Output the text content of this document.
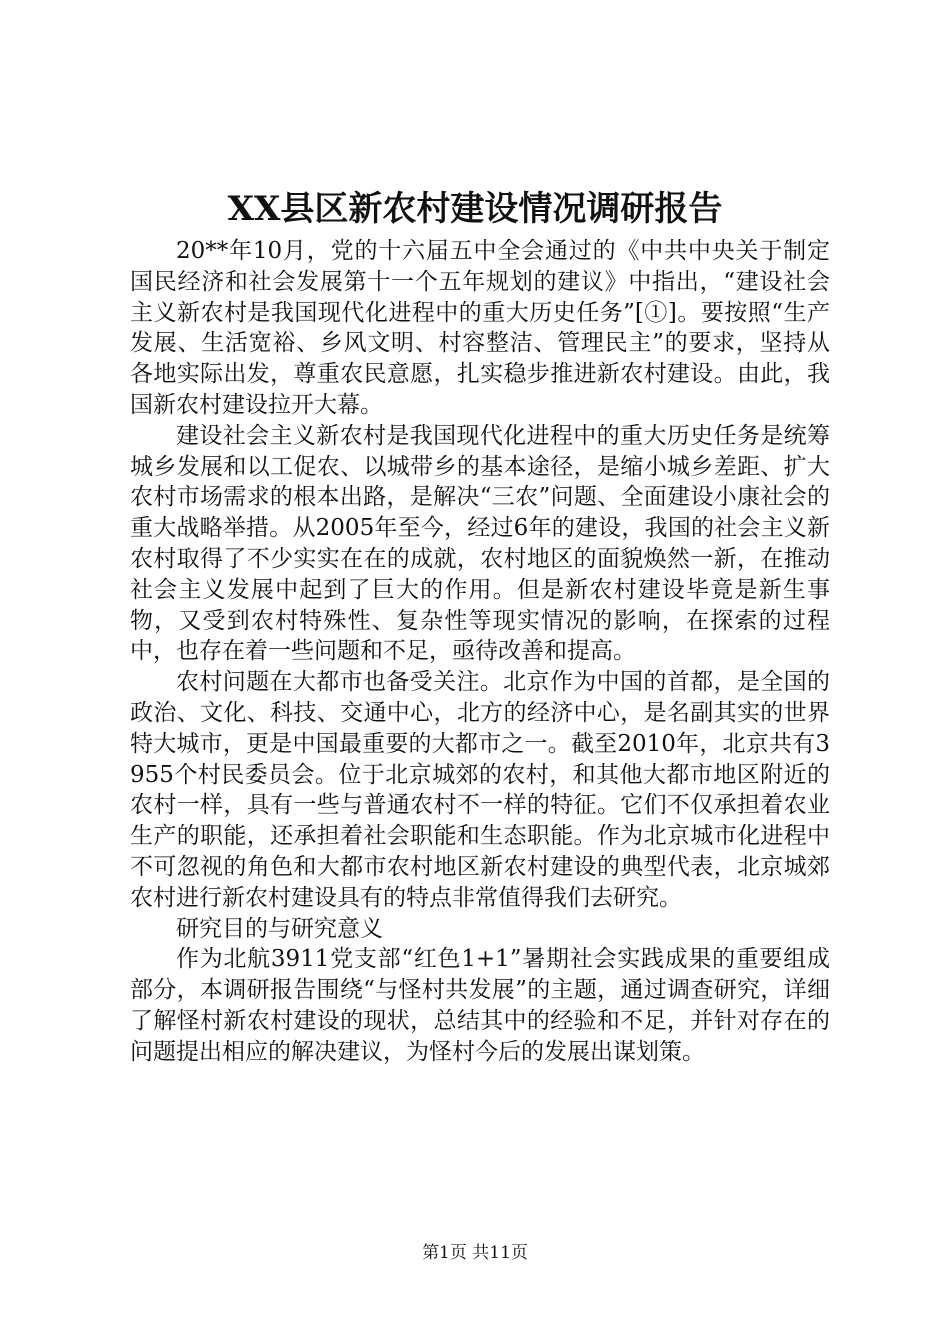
XX县区新农村建设情况调研报告

20**年10月，党的十六届五中全会通过的《中共中央关于制定国民经济和社会发展第十一个五年规划的建议》中指出，“建设社会主义新农村是我国现代化进程中的重大历史任务”[①]。要按照“生产发展、生活宽裕、乡风文明、村容整洁、管理民主”的要求，坚持从各地实际出发，尊重农民意愿，扎实稳步推进新农村建设。由此，我国新农村建设拉开大幕。

建设社会主义新农村是我国现代化进程中的重大历史任务是统筹城乡发展和以工促农、以城带乡的基本途径，是缩小城乡差距、扩大农村市场需求的根本出路，是解决“三农”问题、全面建设小康社会的重大战略举措。从2005年至今，经过6年的建设，我国的社会主义新农村取得了不少实实在在的成就，农村地区的面貌焕然一新，在推动社会主义发展中起到了巨大的作用。但是新农村建设毕竟是新生事物，又受到农村特殊性、复杂性等现实情况的影响，在探索的过程中，也存在着一些问题和不足，亟待改善和提高。

农村问题在大都市也备受关注。北京作为中国的首都，是全国的政治、文化、科技、交通中心，北方的经济中心，是名副其实的世界特大城市，更是中国最重要的大都市之一。截至2010年，北京共有3955个村民委员会。位于北京城郊的农村，和其他大都市地区附近的农村一样，具有一些与普通农村不一样的特征。它们不仅承担着农业生产的职能，还承担着社会职能和生态职能。作为北京城市化进程中不可忽视的角色和大都市农村地区新农村建设的典型代表，北京城郊农村进行新农村建设具有的特点非常值得我们去研究。

研究目的与研究意义

作为北航3911党支部“红色1+1”暑期社会实践成果的重要组成部分，本调研报告围绕“与怪村共发展”的主题，通过调查研究，详细了解怪村新农村建设的现状，总结其中的经验和不足，并针对存在的问题提出相应的解决建议，为怪村今后的发展出谋划策。

第1页 共11页
